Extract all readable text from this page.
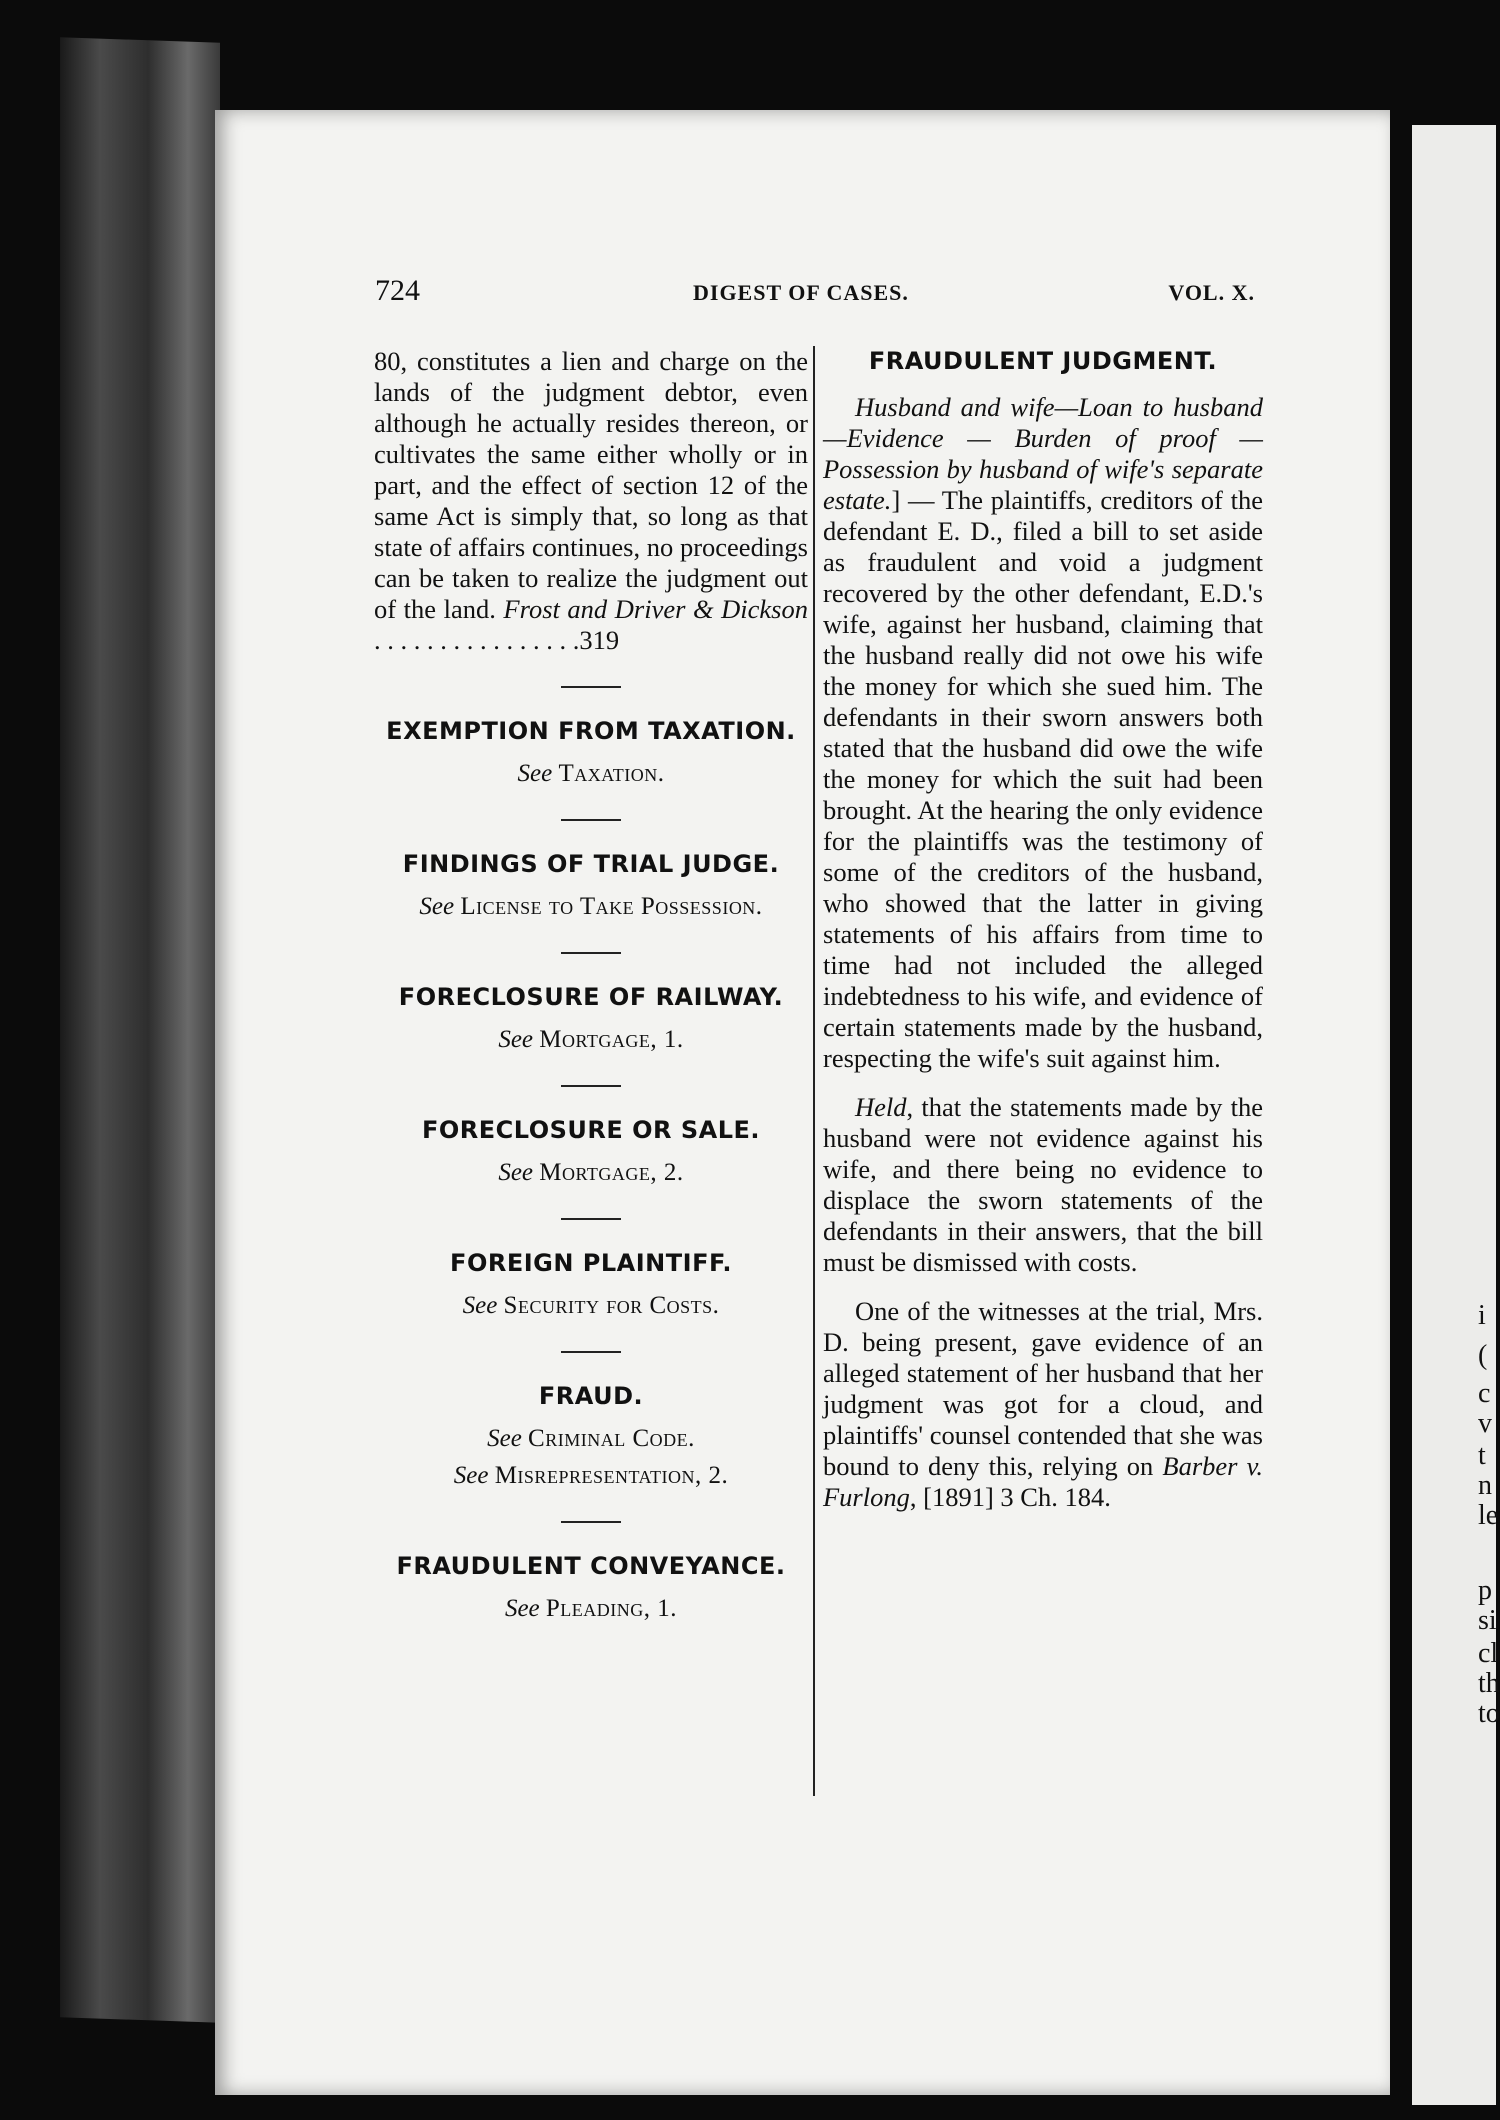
i
(
c
v
t
n
le
p
si
cl
th
to
724	DIGEST OF CASES.	VOL. X.

80, constitutes a lien and charge on the lands of the judgment debtor, even although he actually resides thereon, or cultivates the same either wholly or in part, and the effect of section 12 of the same Act is simply that, so long as that state of affairs continues, no proceedings can be taken to realize the judgment out of the land. Frost and Driver & Dickson . . . . . . . . . . . . . . . .319

EXEMPTION FROM TAXATION.

See Taxation.

FINDINGS OF TRIAL JUDGE.

See License to Take Possession.

FORECLOSURE OF RAILWAY.

See Mortgage, 1.

FORECLOSURE OR SALE.

See Mortgage, 2.

FOREIGN PLAINTIFF.

See Security for Costs.

FRAUD.

See Criminal Code.

See Misrepresentation, 2.

FRAUDULENT CONVEYANCE.

See Pleading, 1.

FRAUDULENT JUDGMENT.

Husband and wife—Loan to husband—Evidence — Burden of proof — Possession by husband of wife's separate estate.] — The plaintiffs, creditors of the defendant E. D., filed a bill to set aside as fraudulent and void a judgment recovered by the other defendant, E.D.'s wife, against her husband, claiming that the husband really did not owe his wife the money for which she sued him. The defendants in their sworn answers both stated that the husband did owe the wife the money for which the suit had been brought. At the hearing the only evidence for the plaintiffs was the testimony of some of the creditors of the husband, who showed that the latter in giving statements of his affairs from time to time had not included the alleged indebtedness to his wife, and evidence of certain statements made by the husband, respecting the wife's suit against him.

Held, that the statements made by the husband were not evidence against his wife, and there being no evidence to displace the sworn statements of the defendants in their answers, that the bill must be dismissed with costs.

One of the witnesses at the trial, Mrs. D. being present, gave evidence of an alleged statement of her husband that her judgment was got for a cloud, and plaintiffs' counsel contended that she was bound to deny this, relying on Barber v. Furlong, [1891] 3 Ch. 184.
